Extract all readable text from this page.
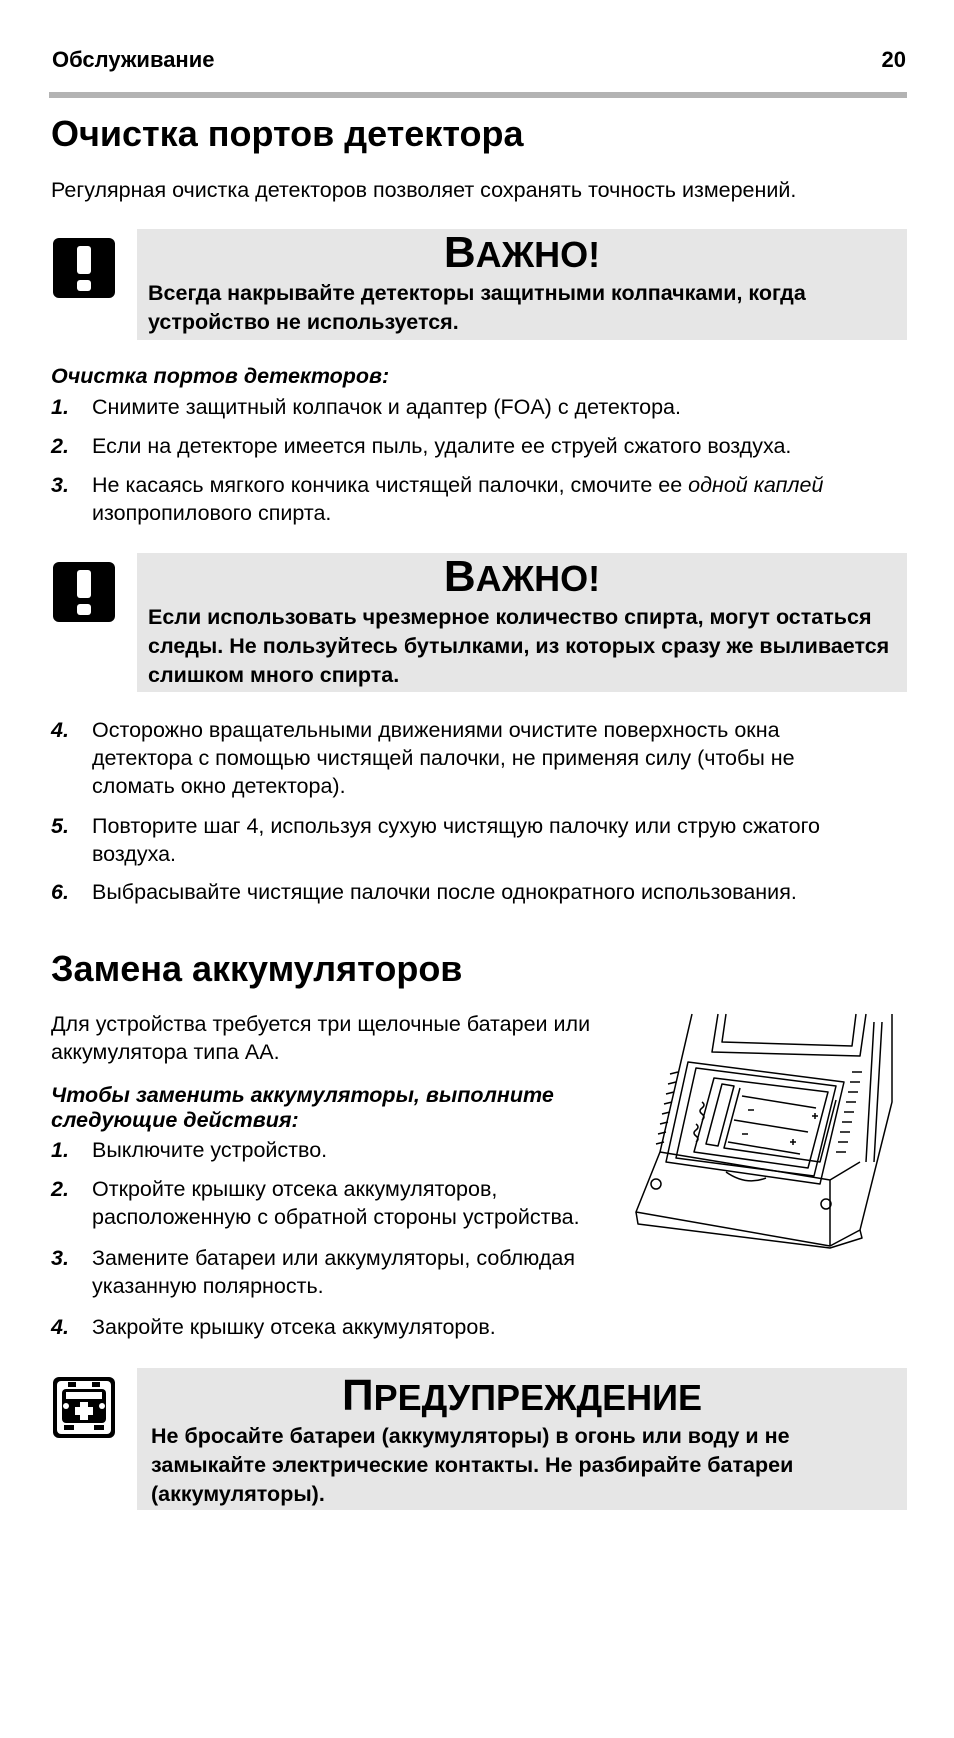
Обслуживание	20
Очистка портов детектора
Регулярная очистка детекторов позволяет сохранять точность измерений.
ВАЖНО!
Всегда накрывайте детекторы защитными колпачками, когда устройство не используется.
Очистка портов детекторов:
1. Снимите защитный колпачок и адаптер (FOA) с детектора.
2. Если на детекторе имеется пыль, удалите ее струей сжатого воздуха.
3. Не касаясь мягкого кончика чистящей палочки, смочите ее одной каплей изопропилового спирта.
ВАЖНО!
Если использовать чрезмерное количество спирта, могут остаться следы. Не пользуйтесь бутылками, из которых сразу же выливается слишком много спирта.
4. Осторожно вращательными движениями очистите поверхность окна детектора с помощью чистящей палочки, не применяя силу (чтобы не сломать окно детектора).
5. Повторите шаг 4, используя сухую чистящую палочку или струю сжатого воздуха.
6. Выбрасывайте чистящие палочки после однократного использования.
Замена аккумуляторов
Для устройства требуется три щелочные батареи или аккумулятора типа АА.
Чтобы заменить аккумуляторы, выполните следующие действия:
1. Выключите устройство.
2. Откройте крышку отсека аккумуляторов, расположенную с обратной стороны устройства.
3. Замените батареи или аккумуляторы, соблюдая указанную полярность.
4. Закройте крышку отсека аккумуляторов.
ПРЕДУПРЕЖДЕНИЕ
Не бросайте батареи (аккумуляторы) в огонь или воду и не замыкайте электрические контакты. Не разбирайте батареи (аккумуляторы).
